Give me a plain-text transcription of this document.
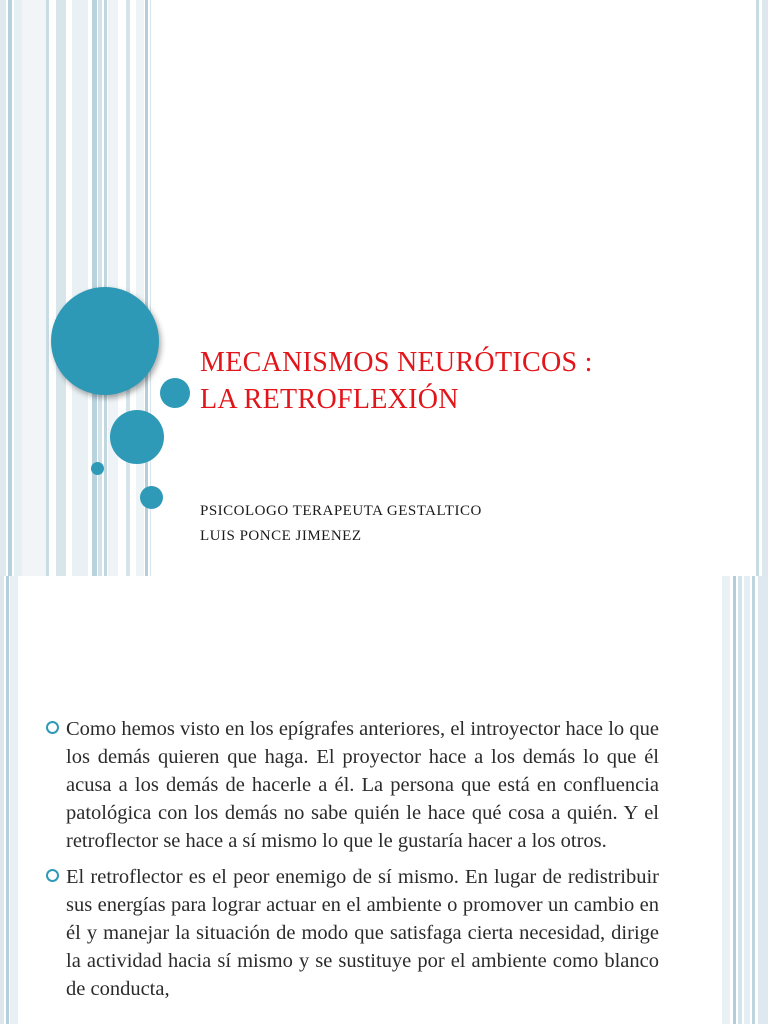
MECANISMOS NEURÓTICOS :
LA RETROFLEXIÓN
PSICOLOGO TERAPEUTA GESTALTICO
LUIS PONCE JIMENEZ
Como hemos visto en los epígrafes anteriores, el introyector hace lo que los demás quieren que haga. El proyector hace a los demás lo que él acusa a los demás de hacerle a él. La persona que está en confluencia patológica con los demás no sabe quién le hace qué cosa a quién. Y el retroflector se hace a sí mismo lo que le gustaría hacer a los otros.
El retroflector es el peor enemigo de sí mismo. En lugar de redistribuir sus energías para lograr actuar en el ambiente o promover un cambio en él y manejar la situación de modo que satisfaga cierta necesidad, dirige la actividad hacia sí mismo y se sustituye por el ambiente como blanco de conducta,
